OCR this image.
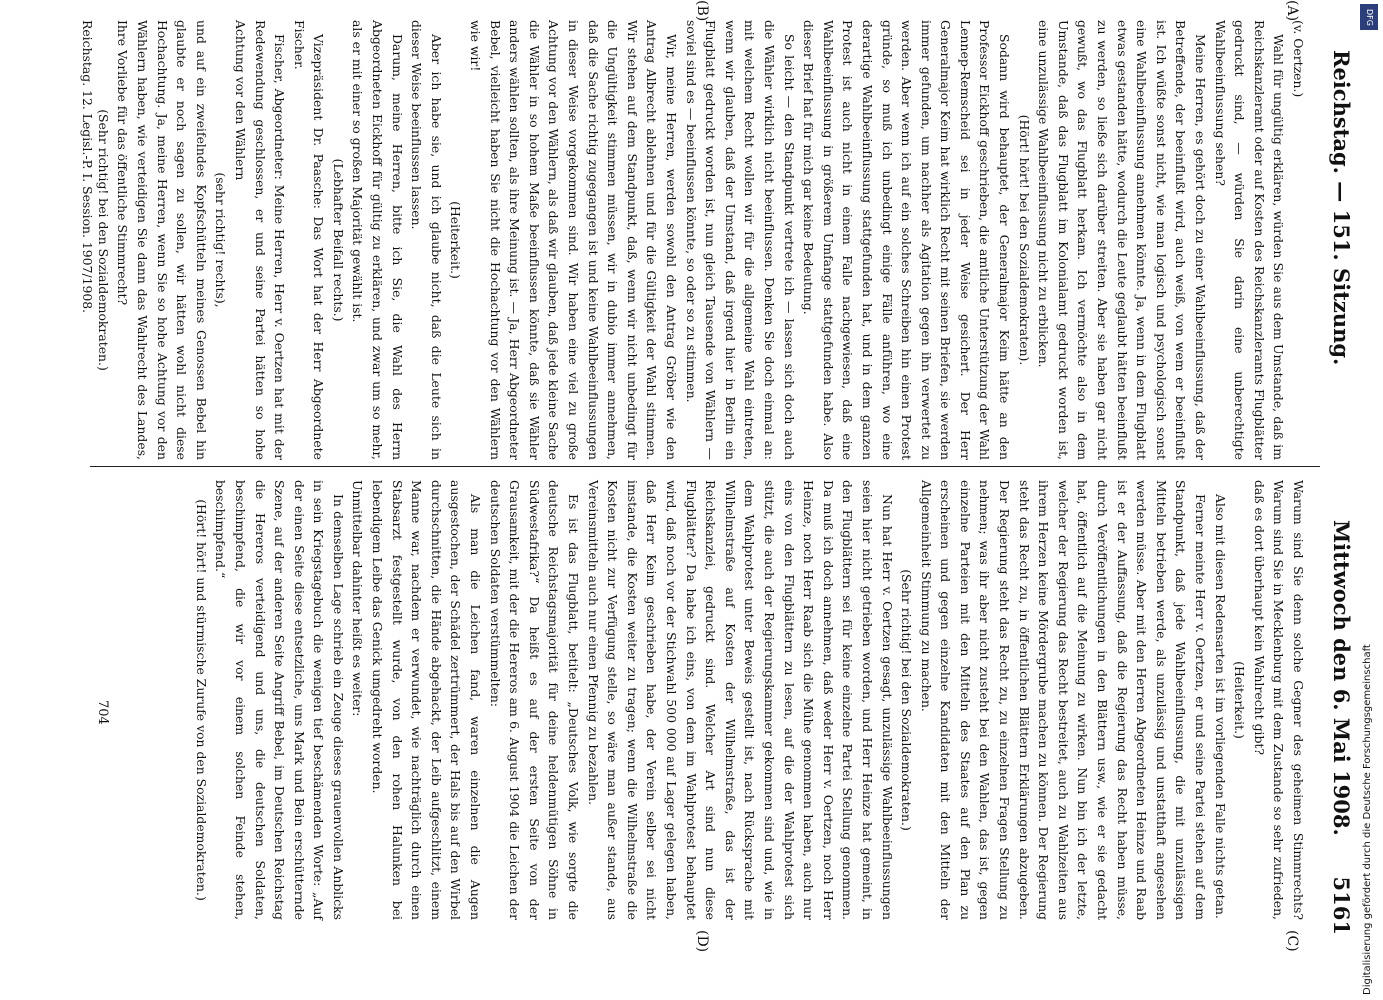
Reichstag. — 151. Sitzung.
Mittwoch den 6. Mai 1908.
5161

(v. Oertzen.)

Wahl für ungültig erklären, würden Sie aus dem Umstande, daß im Reichskanzleramt oder auf Kosten des Reichskanzleramts Flugblätter gedruckt sind, — würden Sie darin eine unberechtigte Wahlbeeinflussung sehen?

Meine Herren, es gehört doch zu einer Wahlbeeinflussung, daß der Betreffende, der beeinflußt wird, auch weiß, von wem er beeinflußt ist. Ich wüßte sonst nicht, wie man logisch und psychologisch sonst eine Wahlbeeinflussung annehmen könnte. Ja, wenn in dem Flugblatt etwas gestanden hätte, wodurch die Leute geglaubt hätten beeinflußt zu werden, so ließe sich darüber streiten. Aber sie haben gar nicht gewußt, wo das Flugblatt herkam. Ich vermöchte also in dem Umstande, daß das Flugblatt im Kolonialamt gedruckt worden ist, eine unzulässige Wahlbeeinflussung nicht zu erblicken.

(Hört! hört! bei den Sozialdemokraten).

Sodann wird behauptet, der Generalmajor Keim hätte an den Professor Eickhoff geschrieben, die amtliche Unterstützung der Wahl Lennep-Remscheid sei in jeder Weise gesichert. Der Herr Generalmajor Keim hat wirklich Recht mit seinen Briefen, sie werden immer gefunden, um nachher als Agitation gegen ihn verwertet zu werden. Aber wenn ich auf ein solches Schreiben hin einen Protest gründe, so muß ich unbedingt einige Fälle anführen, wo eine derartige Wahlbeeinflussung stattgefunden hat, und in dem ganzen Protest ist auch nicht in einem Falle nachgewiesen, daß eine Wahlbeeinflussung in größerem Umfange stattgefunden habe. Also dieser Brief hat für mich gar keine Bedeutung.

So leicht — den Standpunkt vertrete ich — lassen sich doch auch die Wähler wirklich nicht beeinflussen. Denken Sie doch einmal an: mit welchem Recht wollen wir für die allgemeine Wahl eintreten, wenn wir glauben, daß der Umstand, daß irgend hier in Berlin ein Flugblatt gedruckt worden ist, nun gleich Tausende von Wählern — soviel sind es — beeinflussen könnte, so oder so zu stimmen.

Wir, meine Herren, werden sowohl den Antrag Gröber wie den Antrag Albrecht ablehnen und für die Gültigkeit der Wahl stimmen. Wir stehen auf dem Standpunkt, daß, wenn wir nicht unbedingt für die Ungültigkeit stimmen müssen, wir in dubio immer annehmen, daß die Sache richtig zugegangen ist und keine Wahlbeeinflussungen in dieser Weise vorgekommen sind. Wir haben eine viel zu große Achtung vor den Wählern, als daß wir glauben, daß jede kleine Sache die Wähler in so hohem Maße beeinflussen könnte, daß sie Wähler anders wählen sollten, als ihre Meinung ist. — Ja, Herr Abgeordneter Bebel, vielleicht haben Sie nicht die Hochachtung vor den Wählern wie wir!

(Heiterkeit.)

Aber ich habe sie, und ich glaube nicht, daß die Leute sich in dieser Weise beeinflussen lassen.

Darum, meine Herren, bitte ich Sie, die Wahl des Herrn Abgeordneten Eickhoff für gültig zu erklären, und zwar um so mehr, als er mit einer so großen Majorität gewählt ist.

(Lebhafter Beifall rechts.)

Vizepräsident Dr. Paasche: Das Wort hat der Herr Abgeordnete Fischer.

Fischer, Abgeordneter: Meine Herren, Herr v. Oertzen hat mit der Redewendung geschlossen, er und seine Partei hätten so hohe Achtung vor den Wählern

(sehr richtig! rechts),

und auf ein zweifelndes Kopfschütteln meines Genossen Bebel hin glaubte er noch sagen zu sollen, wir hätten wohl nicht diese Hochachtung. Ja, meine Herren, wenn Sie so hohe Achtung vor den Wählern haben, wie verteidigen Sie dann das Wahlrecht des Landes, Ihre Vorliebe für das öffentliche Stimmrecht?

(Sehr richtig! bei den Sozialdemokraten.)

Warum sind Sie denn solche Gegner des geheimen Stimmrechts? Warum sind Sie in Mecklenburg mit dem Zustande so sehr zufrieden, daß es dort überhaupt kein Wahlrecht gibt?

(Heiterkeit.)

Also mit diesen Redensarten ist im vorliegenden Falle nichts getan.

Ferner meinte Herr v. Oertzen, er und seine Partei stehen auf dem Standpunkt, daß jede Wahlbeeinflussung, die mit unzulässigen Mitteln betrieben werde, als unzulässig und unstatthaft angesehen werden müsse. Aber mit den Herren Abgeordneten Heinze und Raab ist er der Auffassung, daß die Regierung das Recht haben müsse, durch Veröffentlichungen in den Blättern usw., wie er sie gedacht hat, öffentlich auf die Meinung zu wirken. Nun bin ich der letzte, welcher der Regierung das Recht bestreitet, auch zu Wahlzeiten aus ihrem Herzen keine Mördergrube machen zu können. Der Regierung steht das Recht zu, in öffentlichen Blättern Erklärungen abzugeben. Der Regierung steht das Recht zu, zu einzelnen Fragen Stellung zu nehmen; was ihr aber nicht zusteht bei den Wahlen, das ist, gegen einzelne Parteien mit den Mitteln des Staates auf den Plan zu erscheinen und gegen einzelne Kandidaten mit den Mitteln der Allgemeinheit Stimmung zu machen.

(Sehr richtig! bei den Sozialdemokraten.)

Nun hat Herr v. Oertzen gesagt, unzulässige Wahlbeeinflussungen seien hier nicht getrieben worden, und Herr Heinze hat gemeint, in den Flugblättern sei für keine einzelne Partei Stellung genommen. Da muß ich doch annehmen, daß weder Herr v. Oertzen, noch Herr Heinze, noch Herr Raab sich die Mühe genommen haben, auch nur eins von den Flugblättern zu lesen, auf die der Wahlprotest sich stützt, die auch der Regierungskammer gekommen sind und, wie in dem Wahlprotest unter Beweis gestellt ist, nach Rücksprache mit Wilhelmstraße auf Kosten der Wilhelmstraße, das ist der Reichskanzlei, gedruckt sind. Welcher Art sind nun diese Flugblätter? Da habe ich eins, von dem im Wahlprotest behauptet wird, daß noch vor der Stichwahl 500 000 auf Lager gelegen haben, daß Herr Keim geschrieben habe, der Verein selber sei nicht imstande, die Kosten weiter zu tragen; wenn die Wilhelmstraße die Kosten nicht zur Verfügung stelle, so wäre man außer stande, aus Vereinsmitteln auch nur einen Pfennig zu bezahlen.

Es ist das Flugblatt, betitelt: „Deutsches Volk, wie sorgte die deutsche Reichstagsmajorität für deine heldenmütigen Söhne in Südwestafrika?“ Da heißt es auf der ersten Seite von der Grausamkeit, mit der die Hereros am 6. August 1904 die Leichen der deutschen Soldaten verstümmelten:

Als man die Leichen fand, waren einzelnen die Augen ausgestochen, der Schädel zertrümmert, der Hals bis auf den Wirbel durchschnitten, die Hände abgehackt, der Leib aufgeschlitzt, einem Manne war, nachdem er verwundet, wie nachträglich durch einen Stabsarzt festgestellt wurde, von den rohen Halunken bei lebendigem Leibe das Genick umgedreht worden.

Unmittelbar dahinter heißt es weiter:

In demselben Lage schrieb ein Zeuge dieses grauenvollen Anblicks in sein Kriegstagebuch die wenigen tief beschämenden Worte: „Auf der einen Seite diese entsetzliche, uns Mark und Bein erschütternde Szene, auf der anderen Seite Angriff Bebel, im Deutschen Reichstag die Hereros verteidigend und uns, die deutschen Soldaten, beschimpfend, die wir vor einem solchen Feinde stehen, beschimpfend.“

(Hört! hört! und stürmische Zurufe von den Sozialdemokraten.)

(A)
(B)
(C)
(D)
Reichstag. 12. Legisl.-P. I. Session. 1907/1908.
704
DFG
Digitalisierung gefördert durch die Deutsche Forschungsgemeinschaft
